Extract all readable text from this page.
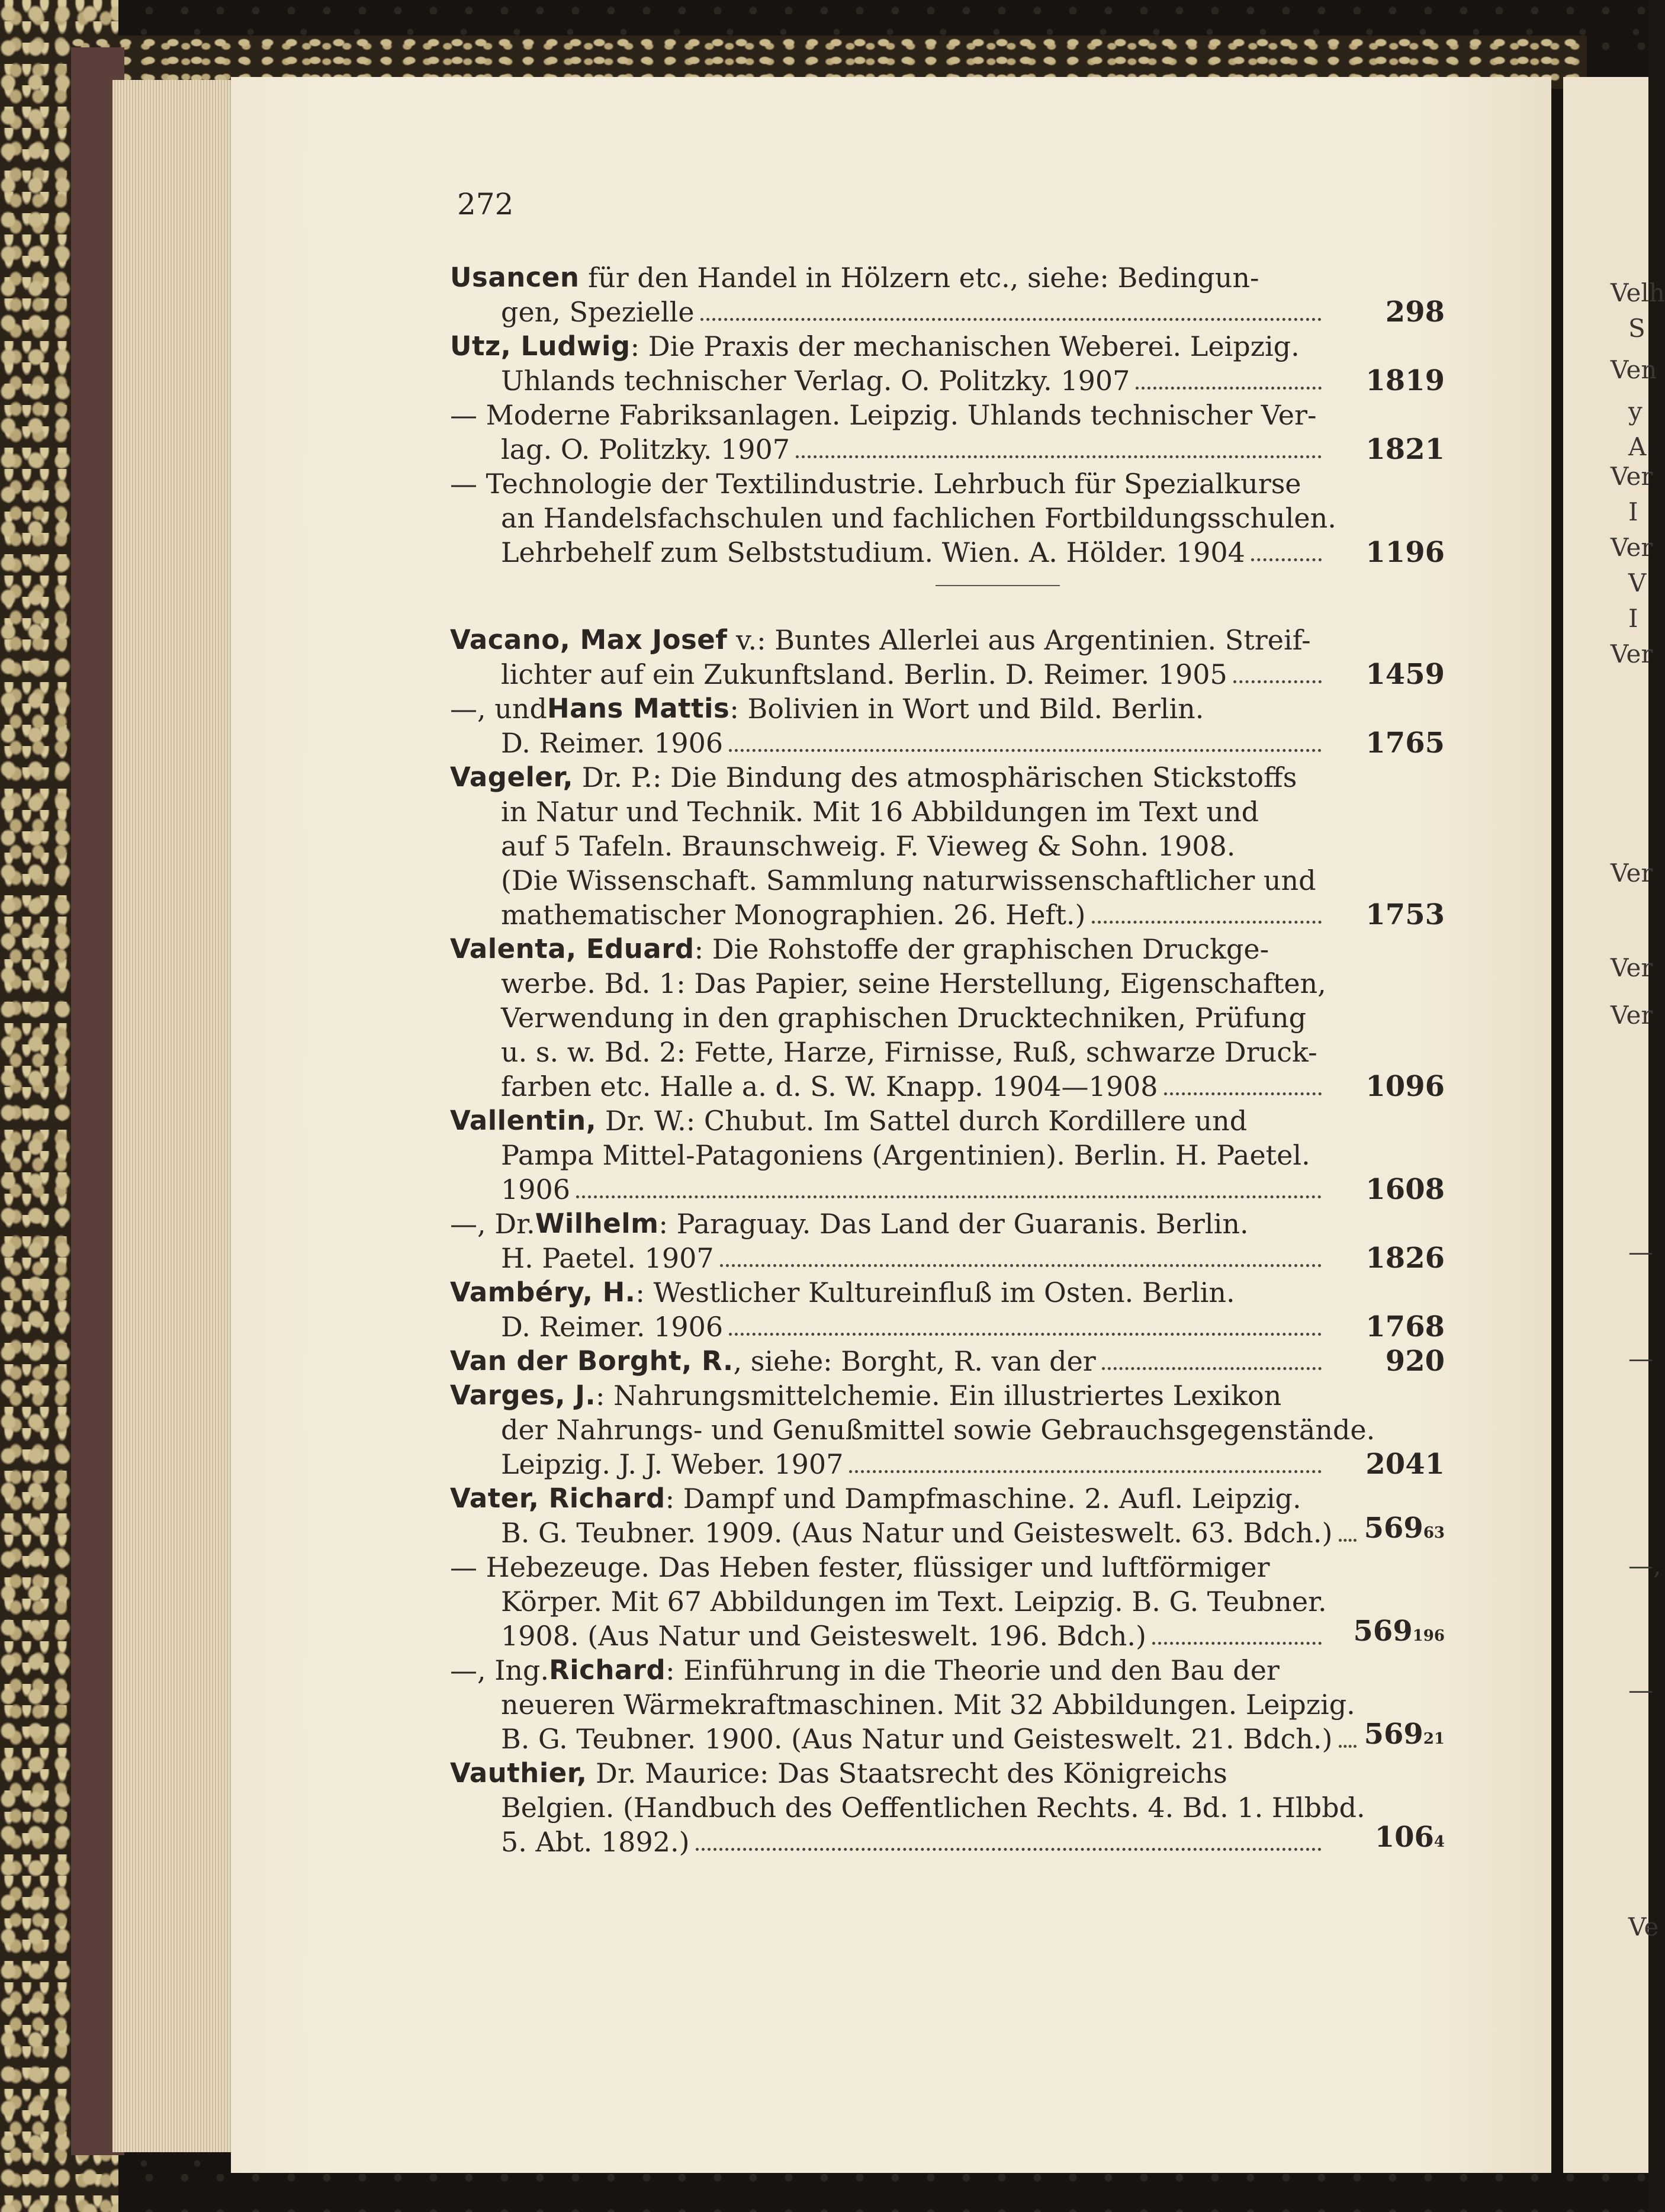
Velh
S
Ven
y
A
Ver
I
Ver
V
I
Ver
Ver
Ver
Ver
—
—
—,
—
Ve
272
Usancen für den Handel in Hölzern etc., siehe: Bedingun-
gen, Spezielle	298
Utz, Ludwig : Die Praxis der mechanischen Weberei. Leipzig.
Uhlands technischer Verlag. O. Politzky. 1907	1819
— Moderne Fabriksanlagen. Leipzig. Uhlands technischer Ver-
lag. O. Politzky. 1907	1821
— Technologie der Textilindustrie. Lehrbuch für Spezialkurse
an Handelsfachschulen und fachlichen Fortbildungsschulen.
Lehrbehelf zum Selbststudium. Wien. A. Hölder. 1904	1196
Vacano, Max Josef v.: Buntes Allerlei aus Argentinien. Streif-
lichter auf ein Zukunftsland. Berlin. D. Reimer. 1905	1459
—, und Hans Mattis : Bolivien in Wort und Bild. Berlin.
D. Reimer. 1906	1765
Vageler, Dr. P.: Die Bindung des atmosphärischen Stickstoffs
in Natur und Technik. Mit 16 Abbildungen im Text und
auf 5 Tafeln. Braunschweig. F. Vieweg & Sohn. 1908.
(Die Wissenschaft. Sammlung naturwissenschaftlicher und
mathematischer Monographien. 26. Heft.)	1753
Valenta, Eduard : Die Rohstoffe der graphischen Druckge-
werbe. Bd. 1: Das Papier, seine Herstellung, Eigenschaften,
Verwendung in den graphischen Drucktechniken, Prüfung
u. s. w. Bd. 2: Fette, Harze, Firnisse, Ruß, schwarze Druck-
farben etc. Halle a. d. S. W. Knapp. 1904—1908	1096
Vallentin, Dr. W.: Chubut. Im Sattel durch Kordillere und
Pampa Mittel-Patagoniens (Argentinien). Berlin. H. Paetel.
1906	1608
—, Dr. Wilhelm : Paraguay. Das Land der Guaranis. Berlin.
H. Paetel. 1907	1826
Vambéry, H. : Westlicher Kultureinfluß im Osten. Berlin.
D. Reimer. 1906	1768
Van der Borght, R. , siehe: Borght, R. van der	920
Varges, J. : Nahrungsmittelchemie. Ein illustriertes Lexikon
der Nahrungs- und Genußmittel sowie Gebrauchsgegenstände.
Leipzig. J. J. Weber. 1907	2041
Vater, Richard : Dampf und Dampfmaschine. 2. Aufl. Leipzig.
B. G. Teubner. 1909. (Aus Natur und Geisteswelt. 63. Bdch.) 56963
— Hebezeuge. Das Heben fester, flüssiger und luftförmiger
Körper. Mit 67 Abbildungen im Text. Leipzig. B. G. Teubner.
1908. (Aus Natur und Geisteswelt. 196. Bdch.)	569196
—, Ing. Richard : Einführung in die Theorie und den Bau der
neueren Wärmekraftmaschinen. Mit 32 Abbildungen. Leipzig.
B. G. Teubner. 1900. (Aus Natur und Geisteswelt. 21. Bdch.) 56921
Vauthier, Dr. Maurice: Das Staatsrecht des Königreichs
Belgien. (Handbuch des Oeffentlichen Rechts. 4. Bd. 1. Hlbbd.
5. Abt. 1892.)	1064
